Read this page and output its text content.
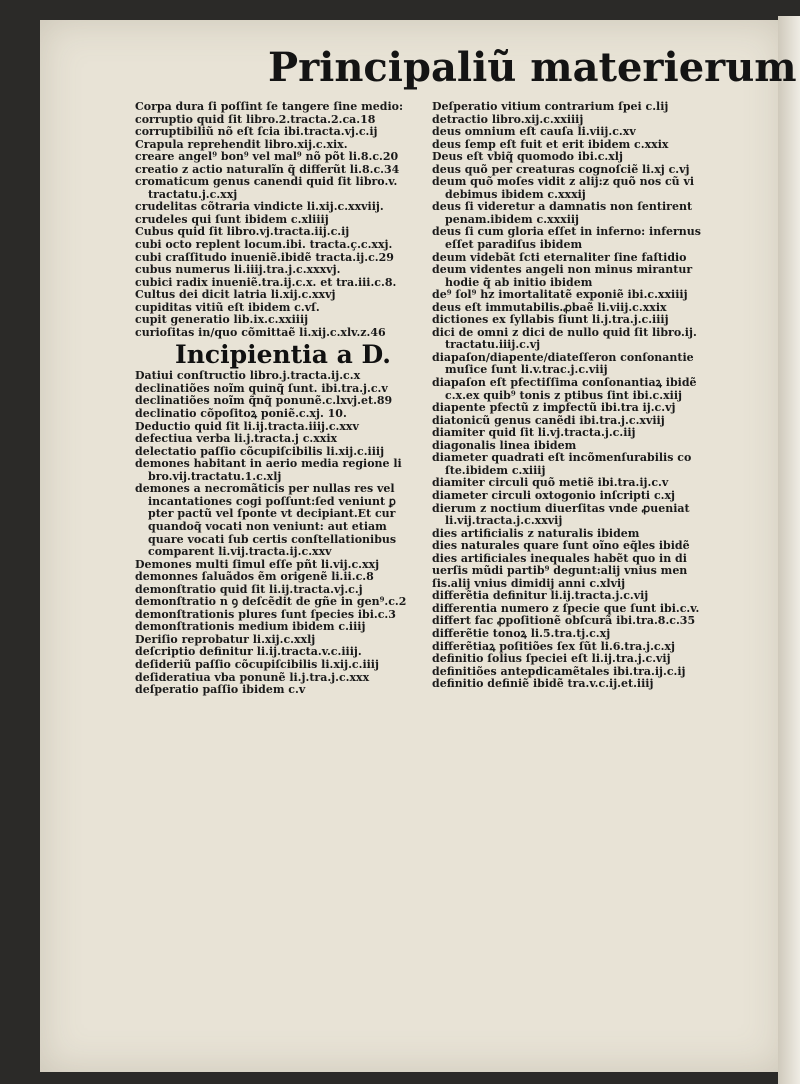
Principaliũ materierum
Corpa dura ſi poſſint ſe tangere ſine medio:
corruptio quid ſit libro.2.tracta.2.ca.18
corruptibiliũ nõ eſt ſcia ibi.tracta.vj.c.ij
Crapula reprehendit libro.xij.c.xix.
creare angel⁹ bon⁹ vel mal⁹ nõ põt li.8.c.20
creatio z actio naturalĩn q̃ differũt li.8.c.34
cromaticum genus canendi quid ſit libro.v.
tractatu.j.c.xxj
crudelitas cõtraria vindicte li.xij.c.xxviij.
crudeles qui ſunt ibidem c.xliiij
Cubus quid ſit libro.vj.tracta.iij.c.ij
cubi octo replent locum.ibi. tracta.ç.c.xxj.
cubi craſſitudo inueniẽ.ibidẽ tracta.ij.c.29
cubus numerus li.iiij.tra.j.c.xxxvj.
cubici radix inueniẽ.tra.ij.c.x. et tra.iii.c.8.
Cultus dei dicit latria li.xij.c.xxvj
cupiditas vitiũ eſt ibidem c.vſ.
cupit generatio lib.ix.c.xxiiij
curioſitas in/quo cõmittaẽ li.xij.c.xlv.z.46
Incipientia a D.
Datiui conſtructio libro.j.tracta.ij.c.x
declinatiões noĩm quinq̃ ſunt. ibi.tra.j.c.v
declinatiões noĩm q̃nq̃ ponunẽ.c.lxvj.et.89
declinatio cõpoſitoꝝ poniẽ.c.xj. 10.
Deductio quid ſit li.ij.tracta.iiij.c.xxv
defectiua verba li.j.tracta.j c.xxix
delectatio paſſio cõcupiſcibilis li.xij.c.iiij
demones habitant in aerio media regione li
bro.vij.tractatu.1.c.xlj
demones a necromãticis per nullas res vel
incantationes cogi poſſunt:ſed veniunt ꝑ
pter pactũ vel ſponte vt decipiant.Et cur
quandoq̃ vocati non veniunt: aut etiam
quare vocati ſub certis conſtellationibus
comparent li.vij.tracta.ij.c.xxv
Demones multi ſimul eſſe pñt li.vij.c.xxj
demonnes ſaluãdos ẽm origenẽ li.ii.c.8
demonſtratio quid ſit li.ij.tracta.vj.c.j
demonſtratio n ꝯ deſcẽdit de gñe in gen⁹.c.2
demonſtrationis plures ſunt ſpecies ibi.c.3
demonſtrationis medium ibidem c.iiij
Deriſio reprobatur li.xij.c.xxlj
deſcriptio definitur li.ij.tracta.v.c.iiij.
deſideriũ paſſio cõcupiſcibilis li.xij.c.iiij
deſideratiua vba ponunẽ li.j.tra.j.c.xxx
deſperatio paſſio ibidem c.v
Deſperatio vitium contrarium ſpei c.lij
detractio libro.xij.c.xxiiij
deus omnium eſt cauſa li.viij.c.xv
deus ſemp eſt fuit et erit ibidem c.xxix
Deus eſt vbiq̃ quomodo ibi.c.xlj
deus quõ per creaturas cognoſciẽ li.xj c.vj
deum quõ moſes vidit z alij:z quõ nos cũ vi
debimus ibidem c.xxxij
deus ſi videretur a damnatis non ſentirent
penam.ibidem c.xxxiij
deus ſi cum gloria eſſet in inferno: infernus
eſſet paradiſus ibidem
deum videbãt ſcti eternaliter ſine faſtidio
deum videntes angeli non minus mirantur
hodie q̃ ab initio ibidem
de⁹ ſol⁹ hz imortalitatẽ exponiẽ ibi.c.xxiiij
deus eſt immutabilis.ꝓbaẽ li.viij.c.xxix
dictiones ex ſyllabis ſiunt li.j.tra.j.c.iiij
dici de omni z dici de nullo quid ſit libro.ij.
tractatu.iiij.c.vj
diapaſon/diapente/diateſſeron conſonantie
muſice ſunt li.v.trac.j.c.viij
diapaſon eſt pfectiſſima conſonantiaꝝ ibidẽ
c.x.ex quib⁹ tonis z ptibus ſint ibi.c.xiij
diapente pfectũ z imꝑfectũ ibi.tra ij.c.vj
diatonicũ genus canẽdi ibi.tra.j.c.xviij
diamiter quid ſit li.vj.tracta.j.c.iij
diagonalis linea ibidem
diameter quadrati eſt incõmenſurabilis co
ſte.ibidem c.xiiij
diamiter circuli quõ metiẽ ibi.tra.ij.c.v
diameter circuli oxtogonio inſcripti c.xj
dierum z noctium diuerſitas vnde ꝓueniat
li.vij.tracta.j.c.xxvij
dies artificialis z naturalis ibidem
dies naturales quare ſunt oĩno eq̃les ibidẽ
dies artificiales inequales habẽt quo in di
uerſis mũdi partib⁹ degunt:alij vnius men
ſis.alij vnius dimidij anni c.xlvij
differẽtia definitur li.ij.tracta.j.c.vij
differentia numero z ſpecie que ſunt ibi.c.v.
differt fac ꝓpoſitionẽ obſcurã ibi.tra.8.c.35
differẽtie tonoꝝ li.5.tra.tj.c.xj
differẽtiaꝝ poſitiões ſex ſũt li.6.tra.j.c.xj
definitio ſolius ſpeciei eſt li.ij.tra.j.c.vij
definitiões antepdicamẽtales ibi.tra.ij.c.ij
definitio definiẽ ibidẽ tra.v.c.ij.et.iiij
